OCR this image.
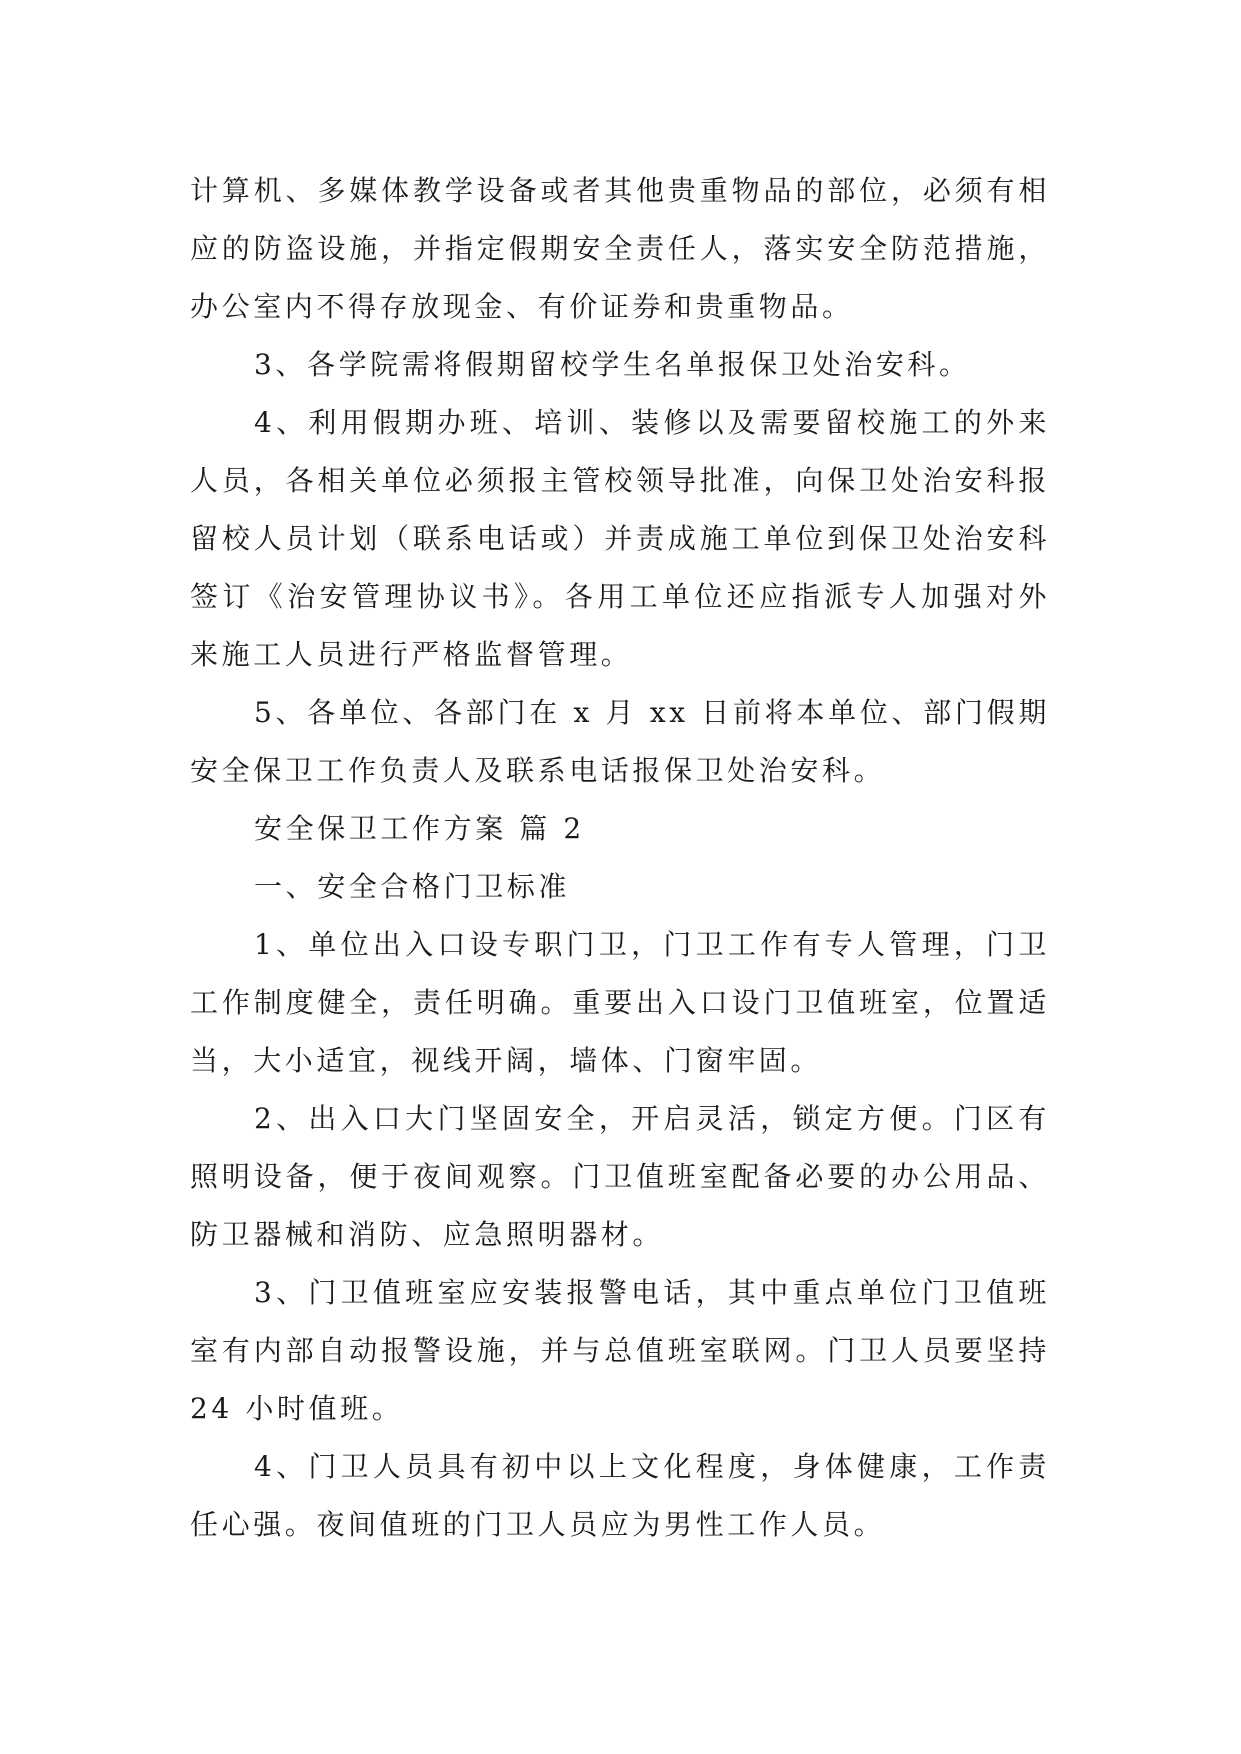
计算机、多媒体教学设备或者其他贵重物品的部位，必须有相应的防盗设施，并指定假期安全责任人，落实安全防范措施，办公室内不得存放现金、有价证券和贵重物品。

3、各学院需将假期留校学生名单报保卫处治安科。

4、利用假期办班、培训、装修以及需要留校施工的外来人员，各相关单位必须报主管校领导批准，向保卫处治安科报留校人员计划（联系电话或）并责成施工单位到保卫处治安科签订《治安管理协议书》。各用工单位还应指派专人加强对外来施工人员进行严格监督管理。

5、各单位、各部门在 x 月 xx 日前将本单位、部门假期安全保卫工作负责人及联系电话报保卫处治安科。

安全保卫工作方案 篇 2

一、安全合格门卫标准

1、单位出入口设专职门卫，门卫工作有专人管理，门卫工作制度健全，责任明确。重要出入口设门卫值班室，位置适当，大小适宜，视线开阔，墙体、门窗牢固。

2、出入口大门坚固安全，开启灵活，锁定方便。门区有照明设备，便于夜间观察。门卫值班室配备必要的办公用品、防卫器械和消防、应急照明器材。

3、门卫值班室应安装报警电话，其中重点单位门卫值班室有内部自动报警设施，并与总值班室联网。门卫人员要坚持 24 小时值班。

4、门卫人员具有初中以上文化程度，身体健康，工作责任心强。夜间值班的门卫人员应为男性工作人员。
